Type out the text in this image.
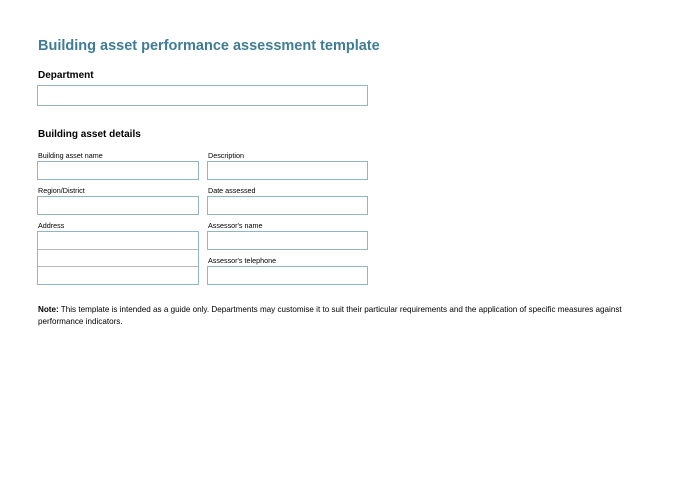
Building asset performance assessment template
Department
Building asset details
Building asset name	Description
Region/District	Date assessed
Address	Assessor's name
Assessor's telephone
Note: This template is intended as a guide only. Departments may customise it to suit their particular requirements and the application of specific measures against performance indicators.
